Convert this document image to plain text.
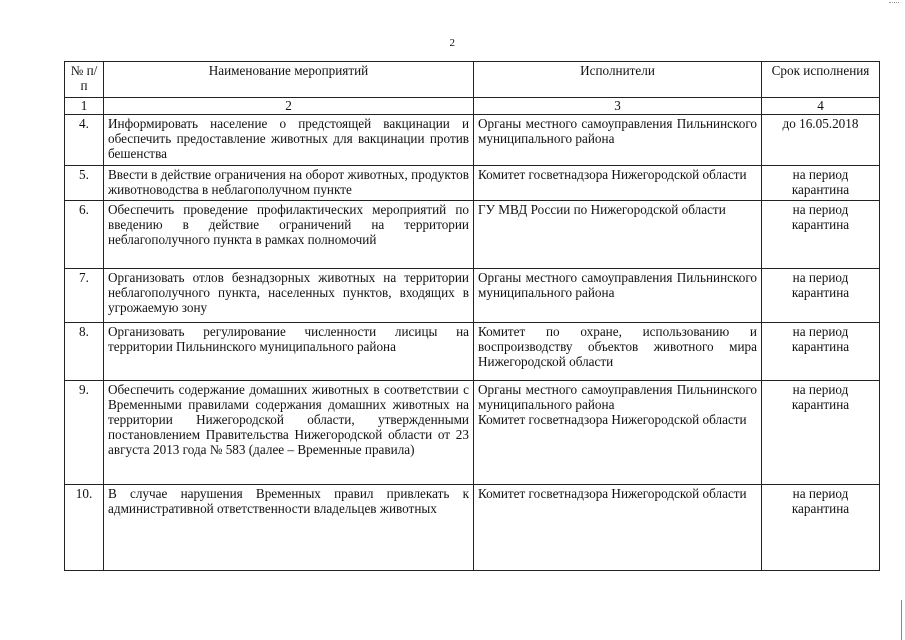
2
№ п/п	Наименование мероприятий	Исполнители	Срок исполнения
1	2	3	4
4.	Информировать население о предстоящей вакцинации и обеспечить предоставление животных для вакцинации против бешенства	Органы местного самоуправления Пильнинского муниципального района	до 16.05.2018

5.	Ввести в действие ограничения на оборот животных, продуктов животноводства в неблагополучном пункте	Комитет госветнадзора Нижегородской области	на период
карантина

6.	Обеспечить проведение профилактических мероприятий по введению в действие ограничений на территории неблагополучного пункта в рамках полномочий	ГУ МВД России по Нижегородской области	на период
карантина

7.	Организовать отлов безнадзорных животных на территории неблагополучного пункта, населенных пунктов, входящих в угрожаемую зону	Органы местного самоуправления Пильнинского муниципального района	на период
карантина

8.	Организовать регулирование численности лисицы на территории Пильнинского муниципального района	Комитет по охране, использованию и воспроизводству объектов животного мира Нижегородской области	на период
карантина

9.	Обеспечить содержание домашних животных в соответствии с Временными правилами содержания домашних животных на территории Нижегородской области, утвержденными постановлением Правительства Нижегородской области от 23 августа 2013 года № 583 (далее – Временные правила)	Органы местного самоуправления Пильнинского муниципального района
Комитет госветнадзора Нижегородской области	на период
карантина

10.	В случае нарушения Временных правил привлекать к административной ответственности владельцев животных	Комитет госветнадзора Нижегородской области	на период
карантина
